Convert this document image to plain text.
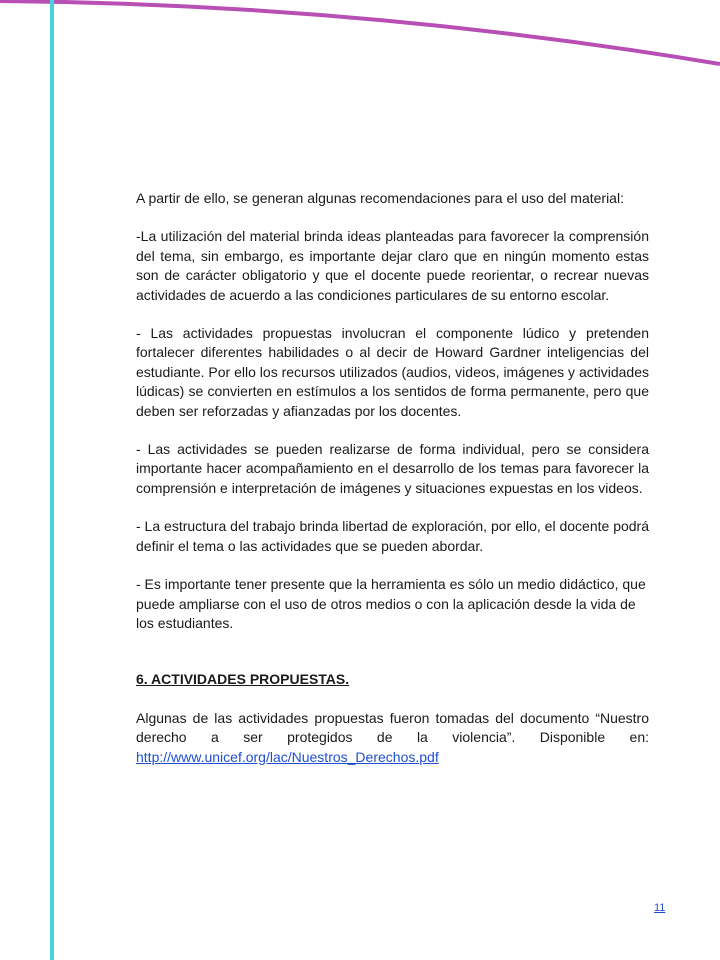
A partir de ello, se generan algunas recomendaciones para el uso del material:

-La utilización del material brinda ideas planteadas para favorecer la comprensión del tema, sin embargo, es importante dejar claro que en ningún momento estas son de carácter obligatorio y que el docente puede reorientar, o recrear nuevas actividades de acuerdo a las condiciones particulares de su entorno escolar.

- Las actividades propuestas involucran el componente lúdico y pretenden fortalecer diferentes habilidades o al decir de Howard Gardner inteligencias del estudiante. Por ello los recursos utilizados (audios, videos, imágenes y actividades lúdicas) se convierten en estímulos a los sentidos de forma permanente, pero que deben ser reforzadas y afianzadas por los docentes.

- Las actividades se pueden realizarse de forma individual, pero se considera importante hacer acompañamiento en el desarrollo de los temas para favorecer la comprensión e interpretación de imágenes y situaciones expuestas en los videos.

- La estructura del trabajo brinda libertad de exploración, por ello, el docente podrá definir el tema o las actividades que se pueden abordar.

- Es importante tener presente que la herramienta es sólo un medio didáctico, que puede ampliarse con el uso de otros medios o con la aplicación desde la vida de los estudiantes.

6. ACTIVIDADES PROPUESTAS.

Algunas de las actividades propuestas fueron tomadas del documento “Nuestro derecho a ser protegidos de la violencia”. Disponible en: http://www.unicef.org/lac/Nuestros_Derechos.pdf

11
